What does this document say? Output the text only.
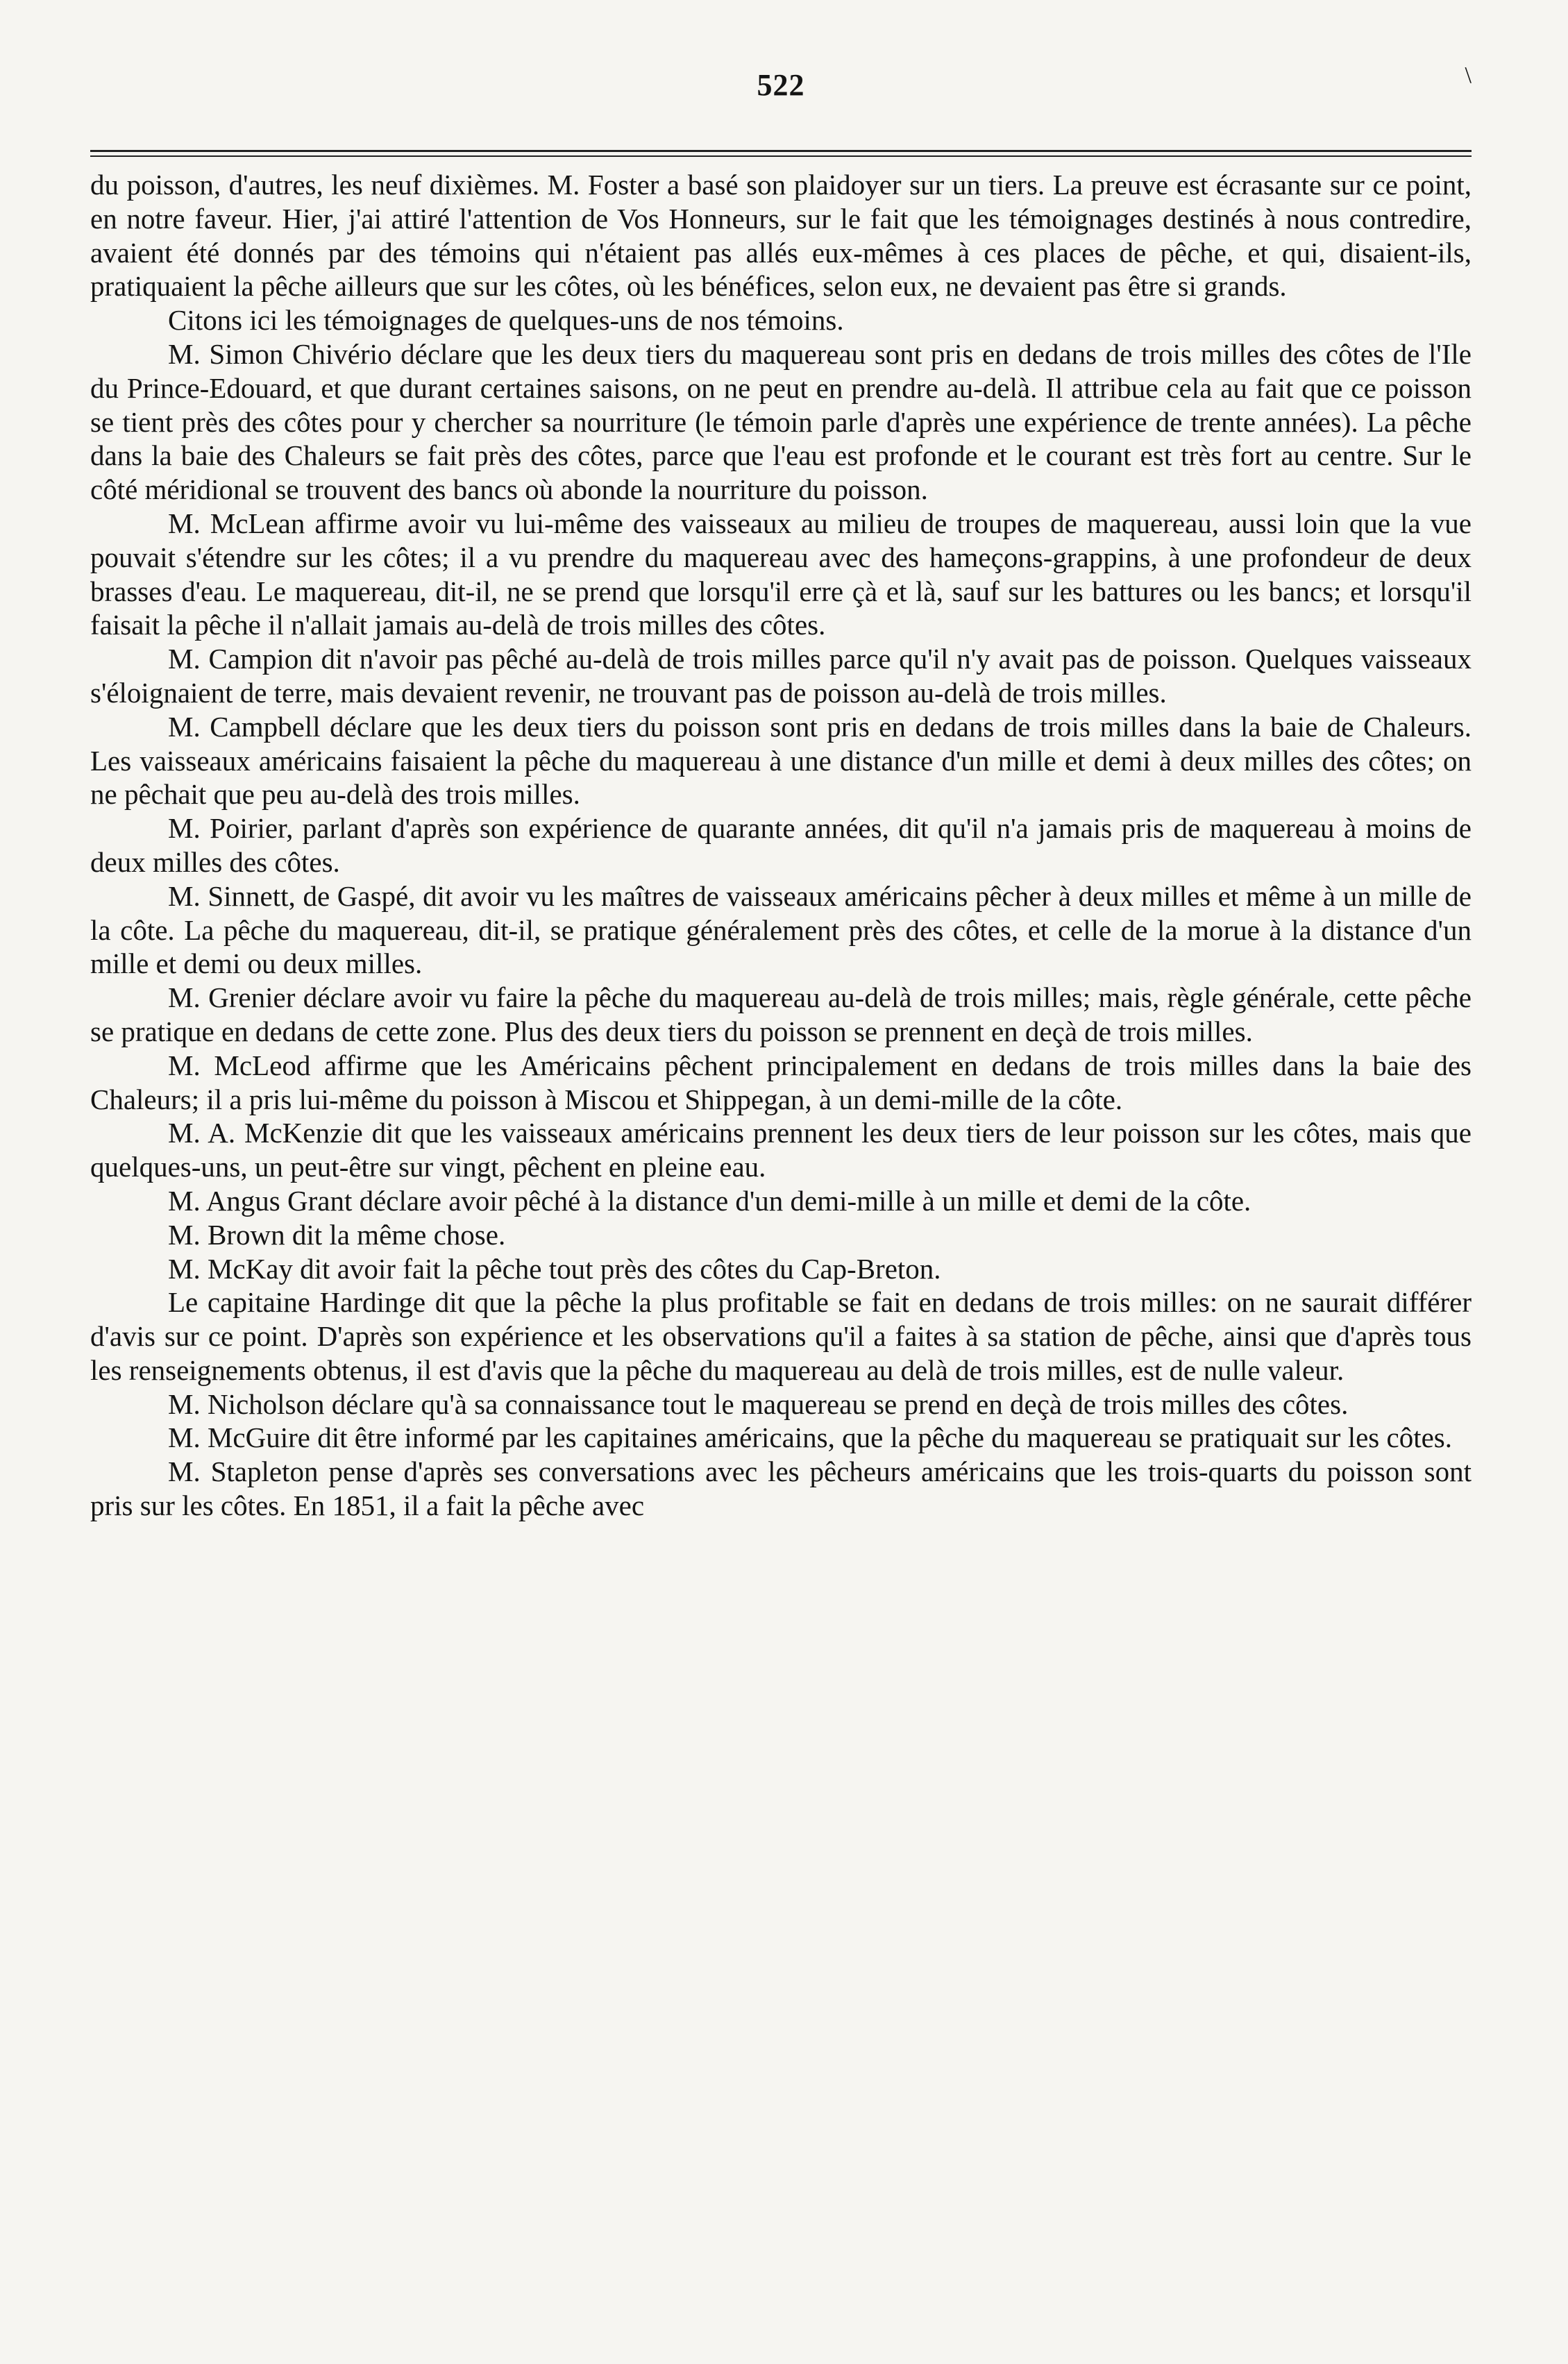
522	\

du poisson, d'autres, les neuf dixièmes. M. Foster a basé son plaidoyer sur un tiers. La preuve est écrasante sur ce point, en notre faveur. Hier, j'ai attiré l'attention de Vos Honneurs, sur le fait que les témoignages destinés à nous contredire, avaient été donnés par des témoins qui n'étaient pas allés eux-mêmes à ces places de pêche, et qui, disaient-ils, pratiquaient la pêche ailleurs que sur les côtes, où les bénéfices, selon eux, ne devaient pas être si grands.

Citons ici les témoignages de quelques-uns de nos témoins.

M. Simon Chivério déclare que les deux tiers du maquereau sont pris en dedans de trois milles des côtes de l'Ile du Prince-Edouard, et que durant certaines saisons, on ne peut en prendre au-delà. Il attribue cela au fait que ce poisson se tient près des côtes pour y chercher sa nourriture (le témoin parle d'après une expérience de trente années). La pêche dans la baie des Chaleurs se fait près des côtes, parce que l'eau est profonde et le courant est très fort au centre. Sur le côté méridional se trouvent des bancs où abonde la nourriture du poisson.

M. McLean affirme avoir vu lui-même des vaisseaux au milieu de troupes de maquereau, aussi loin que la vue pouvait s'étendre sur les côtes; il a vu prendre du maquereau avec des hameçons-grappins, à une profondeur de deux brasses d'eau. Le maquereau, dit-il, ne se prend que lorsqu'il erre çà et là, sauf sur les battures ou les bancs; et lorsqu'il faisait la pêche il n'allait jamais au-delà de trois milles des côtes.

M. Campion dit n'avoir pas pêché au-delà de trois milles parce qu'il n'y avait pas de poisson. Quelques vaisseaux s'éloignaient de terre, mais devaient revenir, ne trouvant pas de poisson au-delà de trois milles.

M. Campbell déclare que les deux tiers du poisson sont pris en dedans de trois milles dans la baie de Chaleurs. Les vaisseaux américains faisaient la pêche du maquereau à une distance d'un mille et demi à deux milles des côtes; on ne pêchait que peu au-delà des trois milles.

M. Poirier, parlant d'après son expérience de quarante années, dit qu'il n'a jamais pris de maquereau à moins de deux milles des côtes.

M. Sinnett, de Gaspé, dit avoir vu les maîtres de vaisseaux américains pêcher à deux milles et même à un mille de la côte. La pêche du maquereau, dit-il, se pratique généralement près des côtes, et celle de la morue à la distance d'un mille et demi ou deux milles.

M. Grenier déclare avoir vu faire la pêche du maquereau au-delà de trois milles; mais, règle générale, cette pêche se pratique en dedans de cette zone. Plus des deux tiers du poisson se prennent en deçà de trois milles.

M. McLeod affirme que les Américains pêchent principalement en dedans de trois milles dans la baie des Chaleurs; il a pris lui-même du poisson à Miscou et Shippegan, à un demi-mille de la côte.

M. A. McKenzie dit que les vaisseaux américains prennent les deux tiers de leur poisson sur les côtes, mais que quelques-uns, un peut-être sur vingt, pêchent en pleine eau.

M. Angus Grant déclare avoir pêché à la distance d'un demi-mille à un mille et demi de la côte.

M. Brown dit la même chose.

M. McKay dit avoir fait la pêche tout près des côtes du Cap-Breton.

Le capitaine Hardinge dit que la pêche la plus profitable se fait en dedans de trois milles: on ne saurait différer d'avis sur ce point. D'après son expérience et les observations qu'il a faites à sa station de pêche, ainsi que d'après tous les renseignements obtenus, il est d'avis que la pêche du maquereau au delà de trois milles, est de nulle valeur.

M. Nicholson déclare qu'à sa connaissance tout le maquereau se prend en deçà de trois milles des côtes.

M. McGuire dit être informé par les capitaines américains, que la pêche du maquereau se pratiquait sur les côtes.

M. Stapleton pense d'après ses conversations avec les pêcheurs américains que les trois-quarts du poisson sont pris sur les côtes. En 1851, il a fait la pêche avec
